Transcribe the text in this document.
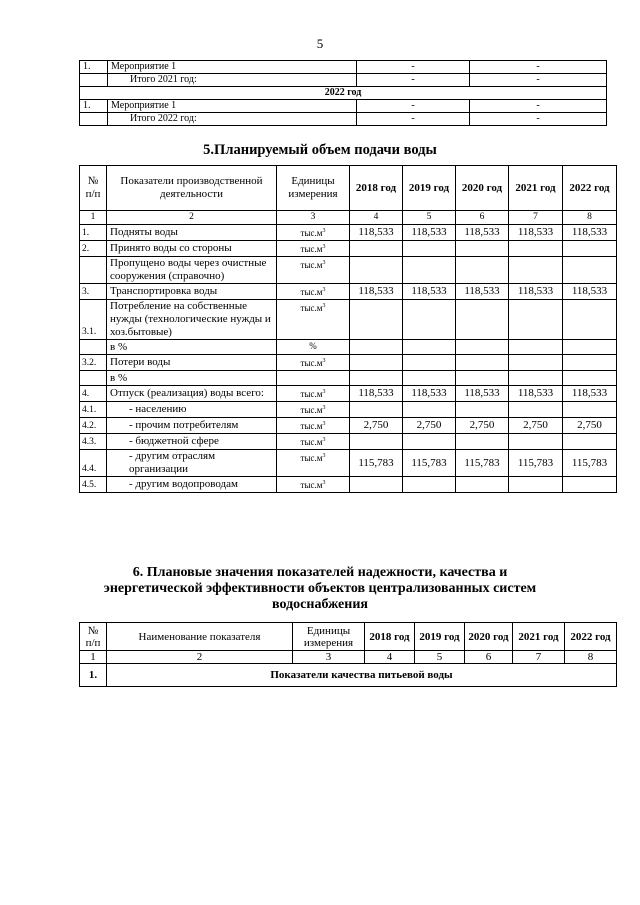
5
1.	Мероприятие 1	-	-
	Итого 2021 год:	-	-
2022 год			
1.	Мероприятие 1	-	-
	Итого 2022 год:	-	-
5.Планируемый объем подачи воды
№ п/п	Показатели производственной деятельности	Единицы измерения	2018 год	2019 год	2020 год	2021 год	2022 год
1	2	3	4	5	6	7	8
1.	Подняты воды	$тыс.м^3$	118,533	118,533	118,533	118,533	118,533
2.	Принято воды со стороны	$тыс.м^3$					
	Пропущено воды через очистные сооружения (справочно)	$тыс.м^3$					
3.	Транспортировка воды	$тыс.м^3$	118,533	118,533	118,533	118,533	118,533
3.1.	Потребление на собственные нужды (технологические нужды и хоз.бытовые)	$тыс.м^3$					
	в %	%					
3.2.	Потери воды	$тыс.м^3$					
	в %						
4.	Отпуск (реализация) воды всего:	$тыс.м^3$	118,533	118,533	118,533	118,533	118,533
4.1.	- населению	$тыс.м^3$					
4.2.	- прочим потребителям	$тыс.м^3$	2,750	2,750	2,750	2,750	2,750
4.3.	- бюджетной сфере	$тыс.м^3$					
4.4.	- другим отраслям организации	$тыс.м^3$	115,783	115,783	115,783	115,783	115,783
4.5.	- другим водопроводам	$тыс.м^3$					
6. Плановые значения показателей надежности, качества и
энергетической эффективности объектов централизованных систем
водоснабжения
№ п/п	Наименование показателя	Единицы измерения	2018 год	2019 год	2020 год	2021 год	2022 год
1	2	3	4	5	6	7	8
1.	Показатели качества питьевой воды						
